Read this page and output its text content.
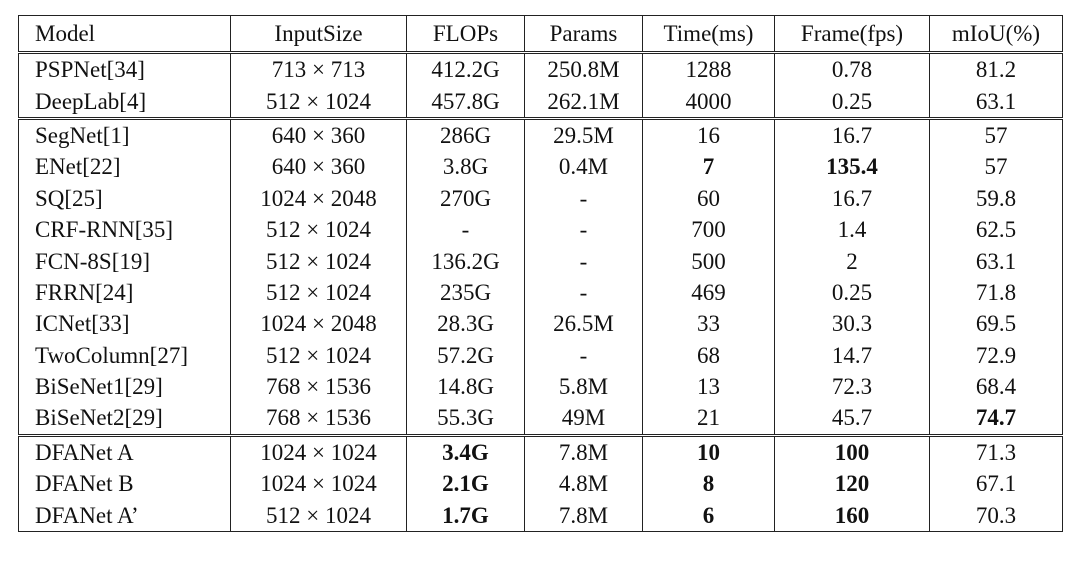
Model	InputSize	FLOPs	Params	Time(ms)	Frame(fps)	mIoU(%)
PSPNet[34]	713 × 713	412.2G	250.8M	1288	0.78	81.2
DeepLab[4]	512 × 1024	457.8G	262.1M	4000	0.25	63.1
SegNet[1]	640 × 360	286G	29.5M	16	16.7	57
ENet[22]	640 × 360	3.8G	0.4M	7	135.4	57
SQ[25]	1024 × 2048	270G	-	60	16.7	59.8
CRF-RNN[35]	512 × 1024	-	-	700	1.4	62.5
FCN-8S[19]	512 × 1024	136.2G	-	500	2	63.1
FRRN[24]	512 × 1024	235G	-	469	0.25	71.8
ICNet[33]	1024 × 2048	28.3G	26.5M	33	30.3	69.5
TwoColumn[27]	512 × 1024	57.2G	-	68	14.7	72.9
BiSeNet1[29]	768 × 1536	14.8G	5.8M	13	72.3	68.4
BiSeNet2[29]	768 × 1536	55.3G	49M	21	45.7	74.7
DFANet A	1024 × 1024	3.4G	7.8M	10	100	71.3
DFANet B	1024 × 1024	2.1G	4.8M	8	120	67.1
DFANet A’	512 × 1024	1.7G	7.8M	6	160	70.3
